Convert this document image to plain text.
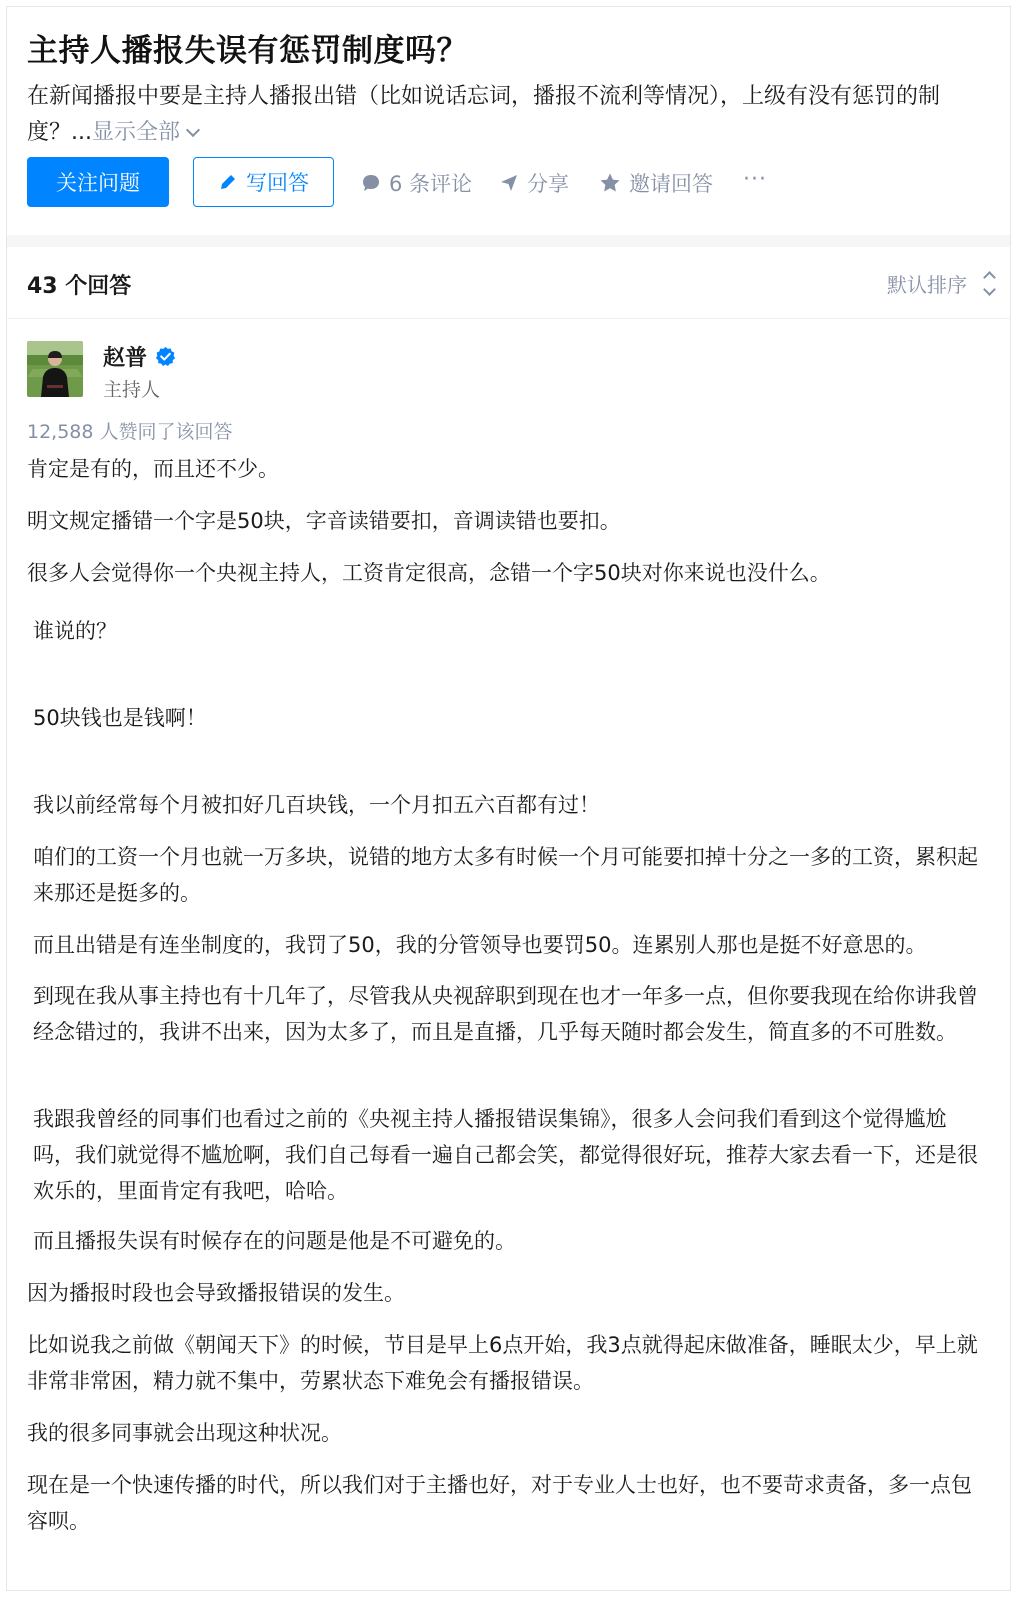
主持人播报失误有惩罚制度吗？
在新闻播报中要是主持人播报出错（比如说话忘词，播报不流利等情况），上级有没有惩罚的制度？...显示全部
关注问题	写回答	6 条评论	分享	邀请回答 ···
43 个回答	默认排序
赵普
主持人
12,588 人赞同了该回答

肯定是有的，而且还不少。

明文规定播错一个字是50块，字音读错要扣，音调读错也要扣。

很多人会觉得你一个央视主持人，工资肯定很高，念错一个字50块对你来说也没什么。

谁说的？

50块钱也是钱啊！

我以前经常每个月被扣好几百块钱，一个月扣五六百都有过！

咱们的工资一个月也就一万多块，说错的地方太多有时候一个月可能要扣掉十分之一多的工资，累积起来那还是挺多的。

而且出错是有连坐制度的，我罚了50，我的分管领导也要罚50。连累别人那也是挺不好意思的。

到现在我从事主持也有十几年了，尽管我从央视辞职到现在也才一年多一点，但你要我现在给你讲我曾经念错过的，我讲不出来，因为太多了，而且是直播，几乎每天随时都会发生，简直多的不可胜数。

我跟我曾经的同事们也看过之前的《央视主持人播报错误集锦》，很多人会问我们看到这个觉得尴尬吗，我们就觉得不尴尬啊，我们自己每看一遍自己都会笑，都觉得很好玩，推荐大家去看一下，还是很欢乐的，里面肯定有我吧，哈哈。

而且播报失误有时候存在的问题是他是不可避免的。

因为播报时段也会导致播报错误的发生。

比如说我之前做《朝闻天下》的时候，节目是早上6点开始，我3点就得起床做准备，睡眠太少，早上就非常非常困，精力就不集中，劳累状态下难免会有播报错误。

我的很多同事就会出现这种状况。

现在是一个快速传播的时代，所以我们对于主播也好，对于专业人士也好，也不要苛求责备，多一点包容呗。
